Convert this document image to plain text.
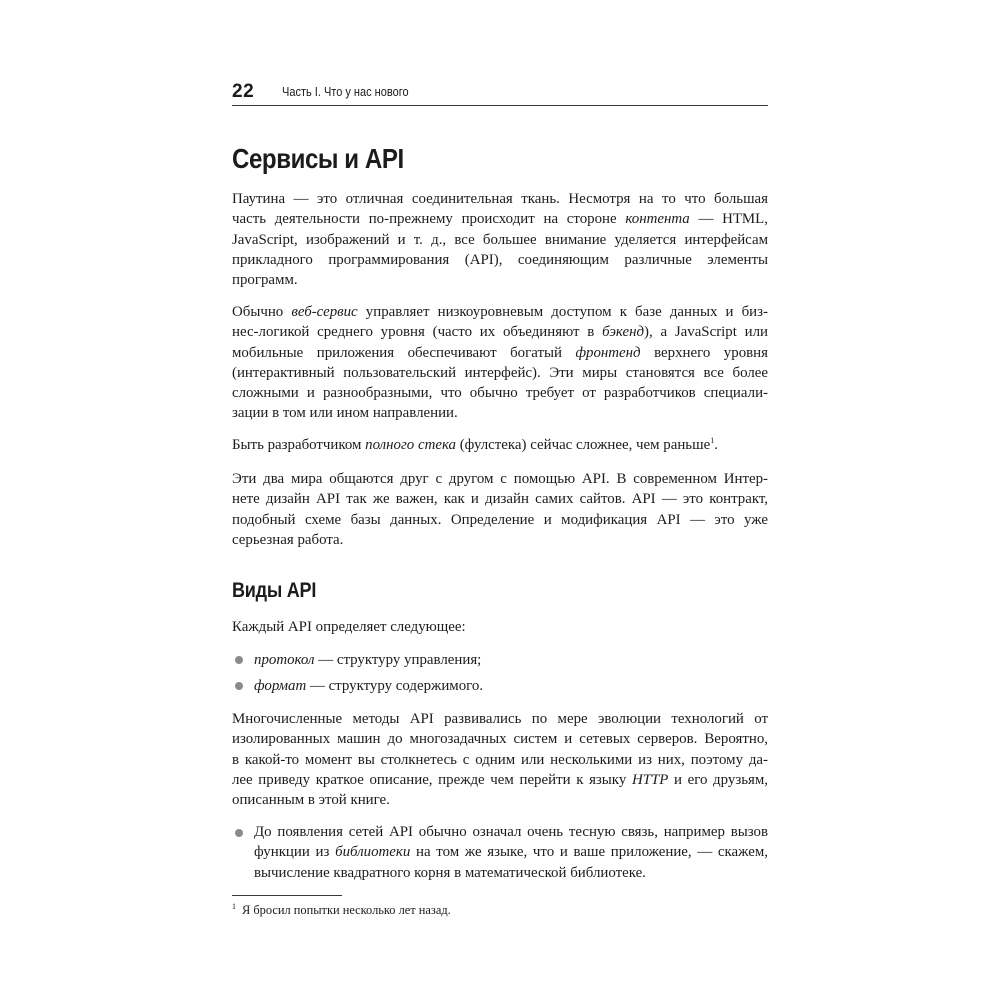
22 Часть I. Что у нас нового
Сервисы и API
Паутина — это отличная соединительная ткань. Несмотря на то что большая
часть деятельности по-прежнему происходит на стороне контента — HTML,
JavaScript, изображений и т. д., все большее внимание уделяется интерфейсам
прикладного программирования (API), соединяющим различные элементы
программ.
Обычно веб-сервис управляет низкоуровневым доступом к базе данных и биз-
нес-логикой среднего уровня (часто их объединяют в бэкенд), а JavaScript или
мобильные приложения обеспечивают богатый фронтенд верхнего уровня
(интерактивный пользовательский интерфейс). Эти миры становятся все более
сложными и разнообразными, что обычно требует от разработчиков специали-
зации в том или ином направлении.
Быть разработчиком полного стека (фулстека) сейчас сложнее, чем раньше$^1$.
Эти два мира общаются друг с другом с помощью API. В современном Интер-
нете дизайн API так же важен, как и дизайн самих сайтов. API — это контракт,
подобный схеме базы данных. Определение и модификация API — это уже
серьезная работа.
Виды API
Каждый API определяет следующее:
протокол — структуру управления;
формат — структуру содержимого.
Многочисленные методы API развивались по мере эволюции технологий от
изолированных машин до многозадачных систем и сетевых серверов. Вероятно,
в какой-то момент вы столкнетесь с одним или несколькими из них, поэтому да-
лее приведу краткое описание, прежде чем перейти к языку HTTP и его друзьям,
описанным в этой книге.
До появления сетей API обычно означал очень тесную связь, например вызов
функции из библиотеки на том же языке, что и ваше приложение, — скажем,
вычисление квадратного корня в математической библиотеке.
$^1$ Я бросил попытки несколько лет назад.
